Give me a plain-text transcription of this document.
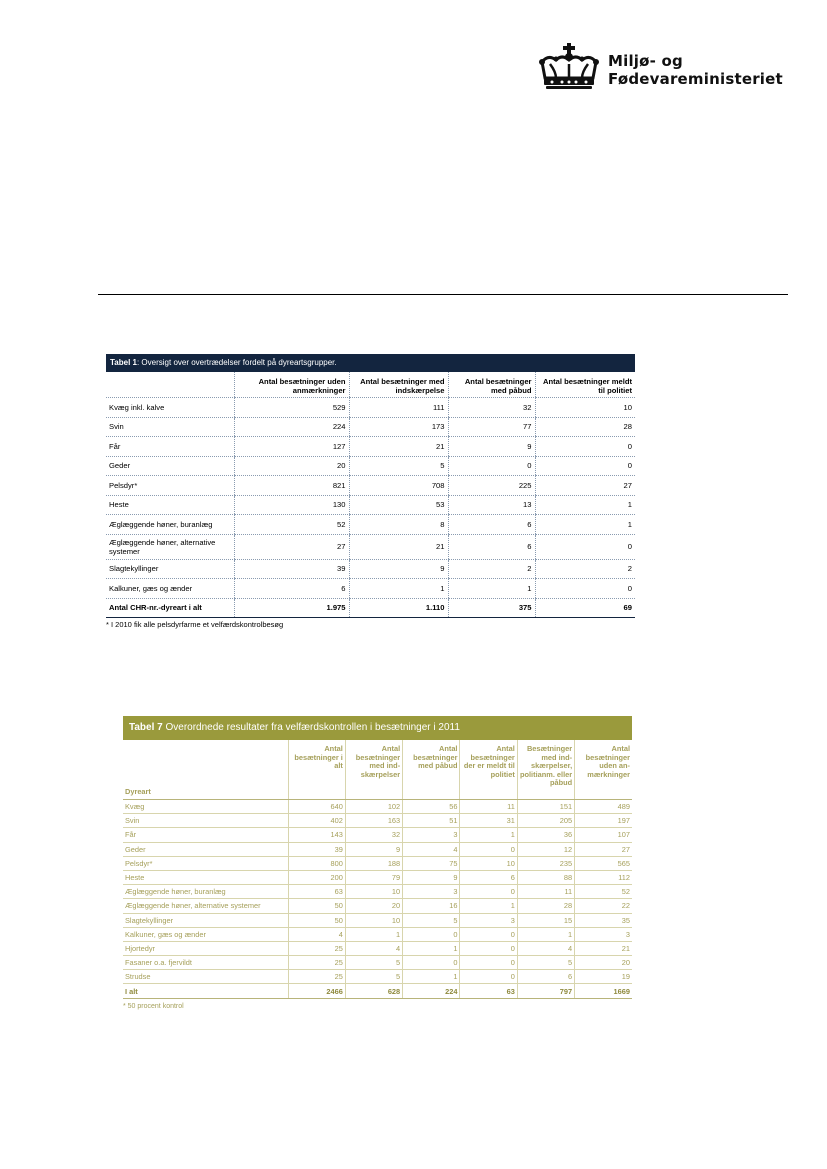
Miljø- og
Fødevareministeriet
Tabel 1: Oversigt over overtrædelser fordelt på dyreartsgrupper.
	Antal besætninger uden anmærkninger	Antal besætninger med indskærpelse	Antal besætninger med påbud	Antal besætninger meldt til politiet
Kvæg inkl. kalve	529	111	32	10
Svin	224	173	77	28
Får	127	21	9	0
Geder	20	5	0	0
Pelsdyr*	821	708	225	27
Heste	130	53	13	1
Æglæggende høner, buranlæg	52	8	6	1
Æglæggende høner, alternative systemer	27	21	6	0
Slagtekyllinger	39	9	2	2
Kalkuner, gæs og ænder	6	1	1	0
Antal CHR-nr.-dyreart i alt	1.975	1.110	375	69
* I 2010 fik alle pelsdyrfarme et velfærdskontrolbesøg
Tabel 7 Overordnede resultater fra velfærdskontrollen i besætninger i 2011
Dyreart	Antal besætninger i alt	Antal besætninger med ind-skærpelser	Antal besætninger med påbud	Antal besætninger der er meldt til politiet	Besætninger med ind-skærpelser, politianm. eller påbud	Antal besætninger uden an-mærkninger
Kvæg	640	102	56	11	151	489
Svin	402	163	51	31	205	197
Får	143	32	3	1	36	107
Geder	39	9	4	0	12	27
Pelsdyr*	800	188	75	10	235	565
Heste	200	79	9	6	88	112
Æglæggende høner, buranlæg	63	10	3	0	11	52
Æglæggende høner, alternative systemer	50	20	16	1	28	22
Slagtekyllinger	50	10	5	3	15	35
Kalkuner, gæs og ænder	4	1	0	0	1	3
Hjortedyr	25	4	1	0	4	21
Fasaner o.a. fjervildt	25	5	0	0	5	20
Strudse	25	5	1	0	6	19
I alt	2466	628	224	63	797	1669
* 50 procent kontrol
